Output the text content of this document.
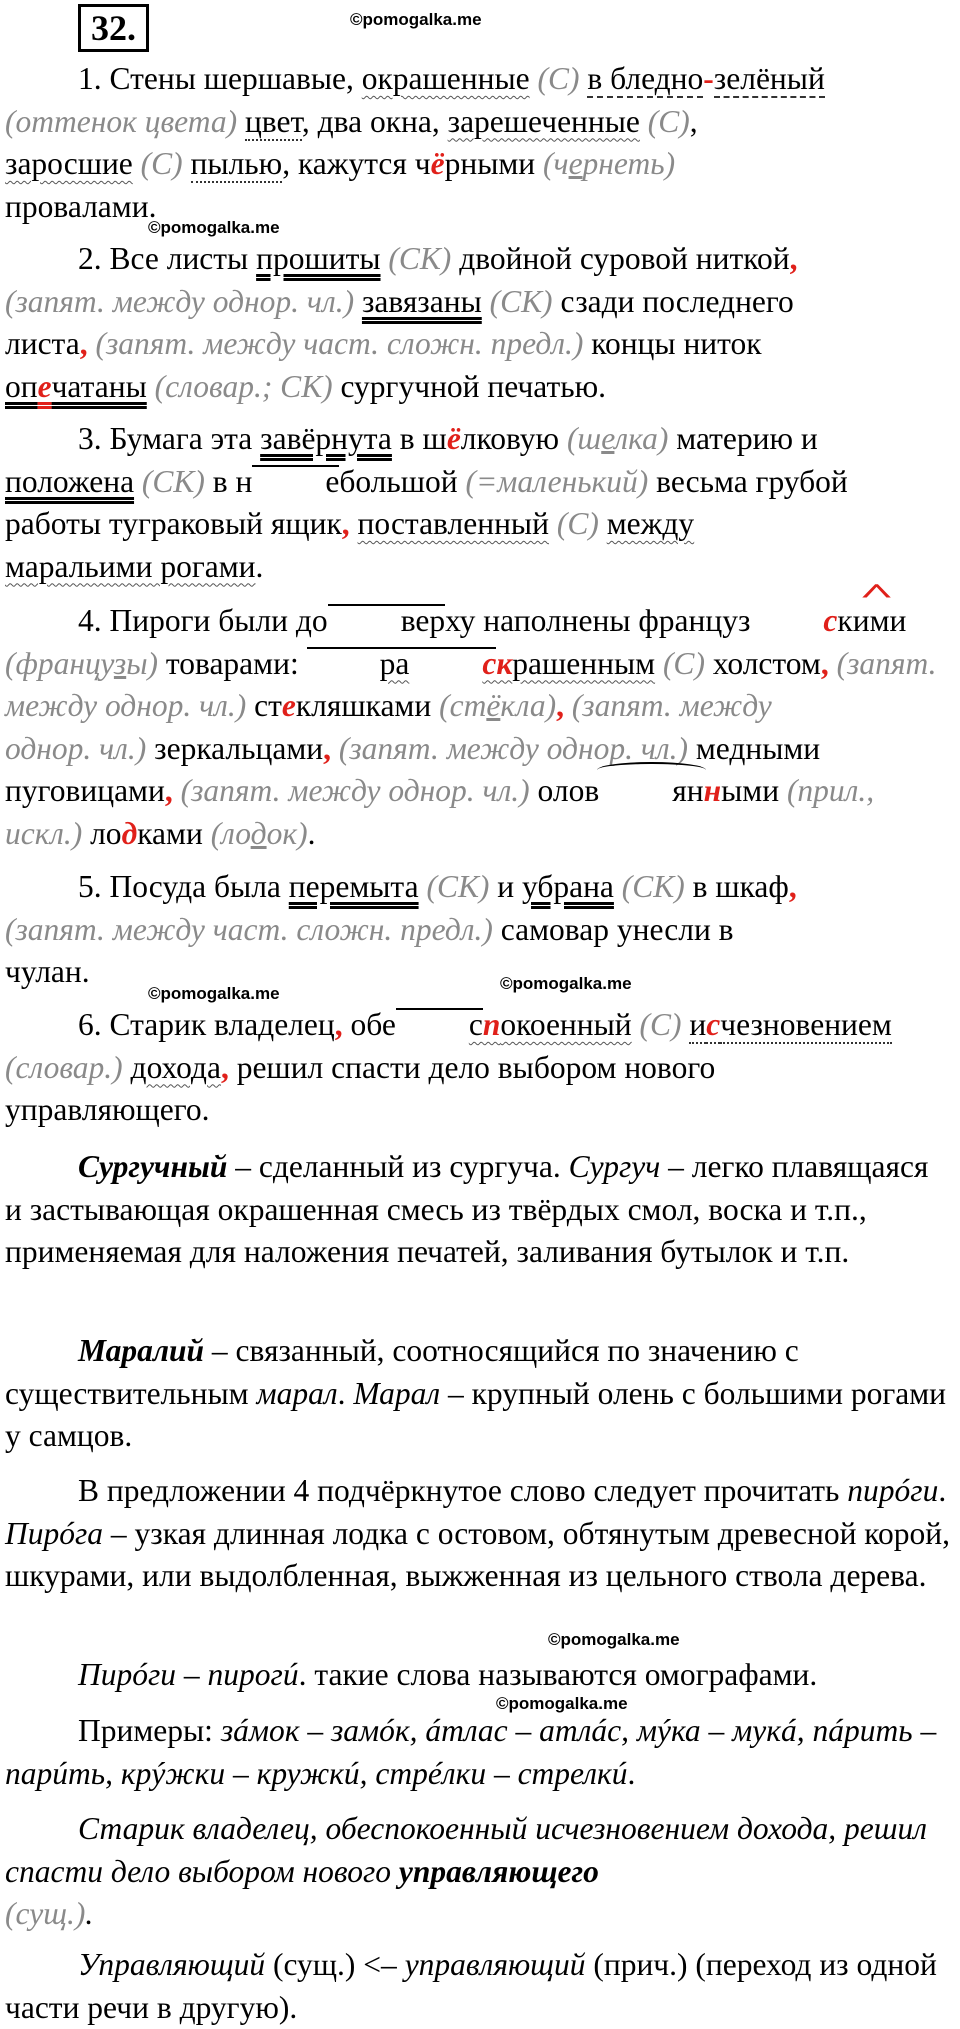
32.	©pomogalka.me
©pomogalka.me
©pomogalka.me
©pomogalka.me
©pomogalka.me
©pomogalka.me

1. Стены шершавые, окрашенные (С) в бледно-зелёный
(оттенок цвета) цвет, два окна, зарешеченные (С),
заросшие (С) пылью, кажутся чёрными (чернеть)
провалами.

2. Все листы прошиты (СК) двойной суровой ниткой,
(запят. между однор. чл.) завязаны (СК) сзади последнего
листа, (запят. между част. сложн. предл.) концы ниток
опечатаны (словар.; СК) сургучной печатью.

3. Бумага эта завёрнута в шёлковую (шелка) материю и
положена (СК) в н ебольшой (=маленький) весьма грубой
работы туграковый ящик, поставленный (С) между
маральими рогами.

4. Пироги были до верху наполнены француз^ скими
(французы) товарами: ра скрашенным (С) холстом, (запят.
между однор. чл.) стекляшками (стёкла), (запят. между
однор. чл.) зеркальцами, (запят. между однор. чл.) медными
пуговицами, (запят. между однор. чл.) олов янными (прил.,
искл.) лодками (лодок).

5. Посуда была перемыта (СК) и убрана (СК) в шкаф,
(запят. между част. сложн. предл.) самовар унесли в
чулан.

6. Старик владелец, обе спокоенный (С) исчезновением
(словар.) дохода, решил спасти дело выбором нового
управляющего.

Сургучный – сделанный из сургуча. Сургуч – легко плавящаяся и застывающая окрашенная смесь из твёрдых смол, воска и т.п., применяемая для наложения печатей, заливания бутылок и т.п.

Маралий – связанный, соотносящийся по значению с существительным марал. Марал – крупный олень с большими рогами у самцов.

В предложении 4 подчёркнутое слово следует прочитать пирóги. Пирóга – узкая длинная лодка с остовом, обтянутым древесной корой, шкурами, или выдолбленная, выжженная из цельного ствола дерева.

Пирóги – пирогú. такие слова называются омографами.

Примеры: зáмок – замóк, áтлас – атлáс, мýка – мукá, пáрить – парúть, крýжки – кружкú, стрéлки – стрелкú.

Старик владелец, обеспокоенный исчезновением дохода, решил спасти дело выбором нового управляющего
(сущ.).

Управляющий (сущ.) <– управляющий (прич.) (переход из одной части речи в другую).
